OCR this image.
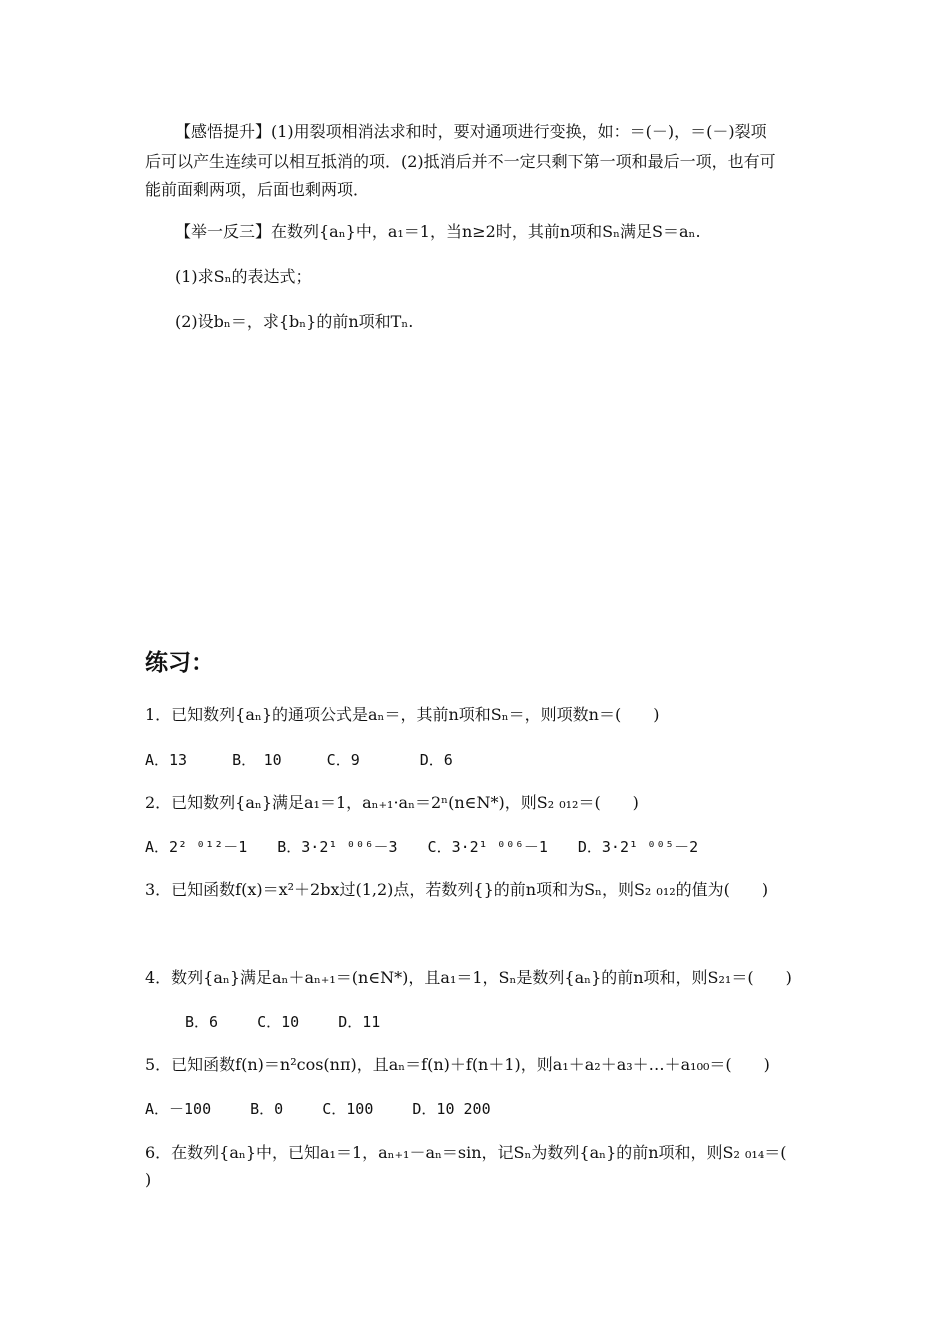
【感悟提升】(1)用裂项相消法求和时，要对通项进行变换，如：＝(－)，＝(－)裂项
后可以产生连续可以相互抵消的项．(2)抵消后并不一定只剩下第一项和最后一项，也有可
能前面剩两项，后面也剩两项．
【举一反三】在数列{aₙ}中，a₁＝1，当n≥2时，其前n项和Sₙ满足S＝aₙ.
(1)求Sₙ的表达式；
(2)设bₙ＝，求{bₙ}的前n项和Tₙ.
练习：
1．已知数列{aₙ}的通项公式是aₙ＝，其前n项和Sₙ＝，则项数n＝(　　)
A．13　　　B．　10　　　C．9　　　　D．6
2．已知数列{aₙ}满足a₁＝1，aₙ₊₁·aₙ＝2ⁿ(n∈N*)，则S₂ ₀₁₂＝(　　)
A．2² ⁰¹²－1　　B．3·2¹ ⁰⁰⁶－3　　C．3·2¹ ⁰⁰⁶－1　　D．3·2¹ ⁰⁰⁵－2
3．已知函数f(x)＝x²＋2bx过(1,2)点，若数列{}的前n项和为Sₙ，则S₂ ₀₁₂的值为(　　)
4．数列{aₙ}满足aₙ＋aₙ₊₁＝(n∈N*)，且a₁＝1，Sₙ是数列{aₙ}的前n项和，则S₂₁＝(　　)
B．6　　 C．10　　 D．11
5．已知函数f(n)＝n²cos(nπ)，且aₙ＝f(n)＋f(n＋1)，则a₁＋a₂＋a₃＋…＋a₁₀₀＝(　　)
A．－100　　 B．0　　 C．100　　 D．10 200
6．在数列{aₙ}中，已知a₁＝1，aₙ₊₁－aₙ＝sin，记Sₙ为数列{aₙ}的前n项和，则S₂ ₀₁₄＝(
)
